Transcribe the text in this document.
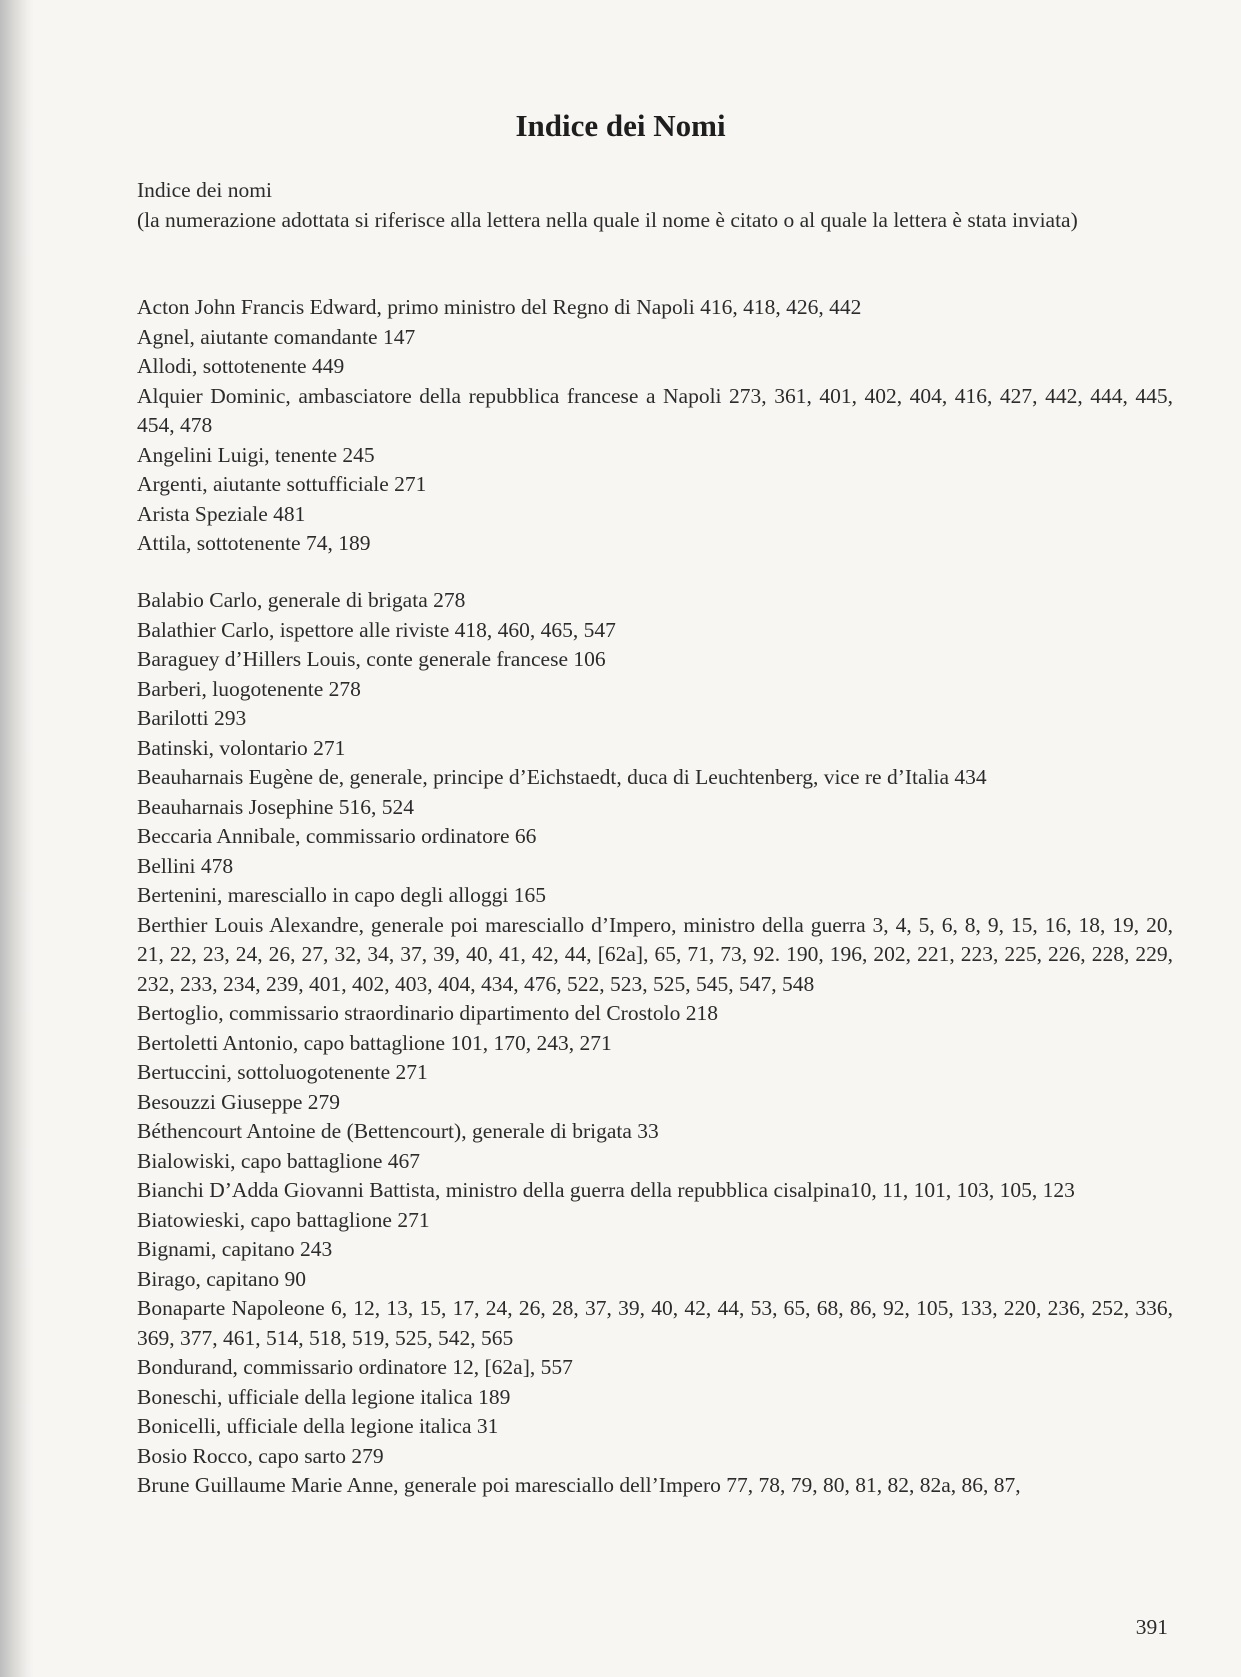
Indice dei Nomi
Indice dei nomi
(la numerazione adottata si riferisce alla lettera nella quale il nome è citato o al quale la lettera è stata inviata)
Acton John Francis Edward, primo ministro del Regno di Napoli 416, 418, 426, 442
Agnel, aiutante comandante 147
Allodi, sottotenente 449
Alquier Dominic, ambasciatore della repubblica francese a Napoli 273, 361, 401, 402, 404, 416, 427, 442, 444, 445, 454, 478
Angelini Luigi, tenente 245
Argenti, aiutante sottufficiale 271
Arista Speziale 481
Attila, sottotenente 74, 189
Balabio Carlo, generale di brigata 278
Balathier Carlo, ispettore alle riviste 418, 460, 465, 547
Baraguey d’Hillers Louis, conte generale francese 106
Barberi, luogotenente 278
Barilotti 293
Batinski, volontario 271
Beauharnais Eugène de, generale, principe d’Eichstaedt, duca di Leuchtenberg, vice re d’Italia 434
Beauharnais Josephine 516, 524
Beccaria Annibale, commissario ordinatore 66
Bellini 478
Bertenini, maresciallo in capo degli alloggi 165
Berthier Louis Alexandre, generale poi maresciallo d’Impero, ministro della guerra 3, 4, 5, 6, 8, 9, 15, 16, 18, 19, 20, 21, 22, 23, 24, 26, 27, 32, 34, 37, 39, 40, 41, 42, 44, [62a], 65, 71, 73, 92. 190, 196, 202, 221, 223, 225, 226, 228, 229, 232, 233, 234, 239, 401, 402, 403, 404, 434, 476, 522, 523, 525, 545, 547, 548
Bertoglio, commissario straordinario dipartimento del Crostolo 218
Bertoletti Antonio, capo battaglione 101, 170, 243, 271
Bertuccini, sottoluogotenente 271
Besouzzi Giuseppe 279
Béthencourt Antoine de (Bettencourt), generale di brigata 33
Bialowiski, capo battaglione 467
Bianchi D’Adda Giovanni Battista, ministro della guerra della repubblica cisalpina10, 11, 101, 103, 105, 123
Biatowieski, capo battaglione 271
Bignami, capitano 243
Birago, capitano 90
Bonaparte Napoleone 6, 12, 13, 15, 17, 24, 26, 28, 37, 39, 40, 42, 44, 53, 65, 68, 86, 92, 105, 133, 220, 236, 252, 336, 369, 377, 461, 514, 518, 519, 525, 542, 565
Bondurand, commissario ordinatore 12, [62a], 557
Boneschi, ufficiale della legione italica 189
Bonicelli, ufficiale della legione italica 31
Bosio Rocco, capo sarto 279
Brune Guillaume Marie Anne, generale poi maresciallo dell’Impero 77, 78, 79, 80, 81, 82, 82a, 86, 87,
391
